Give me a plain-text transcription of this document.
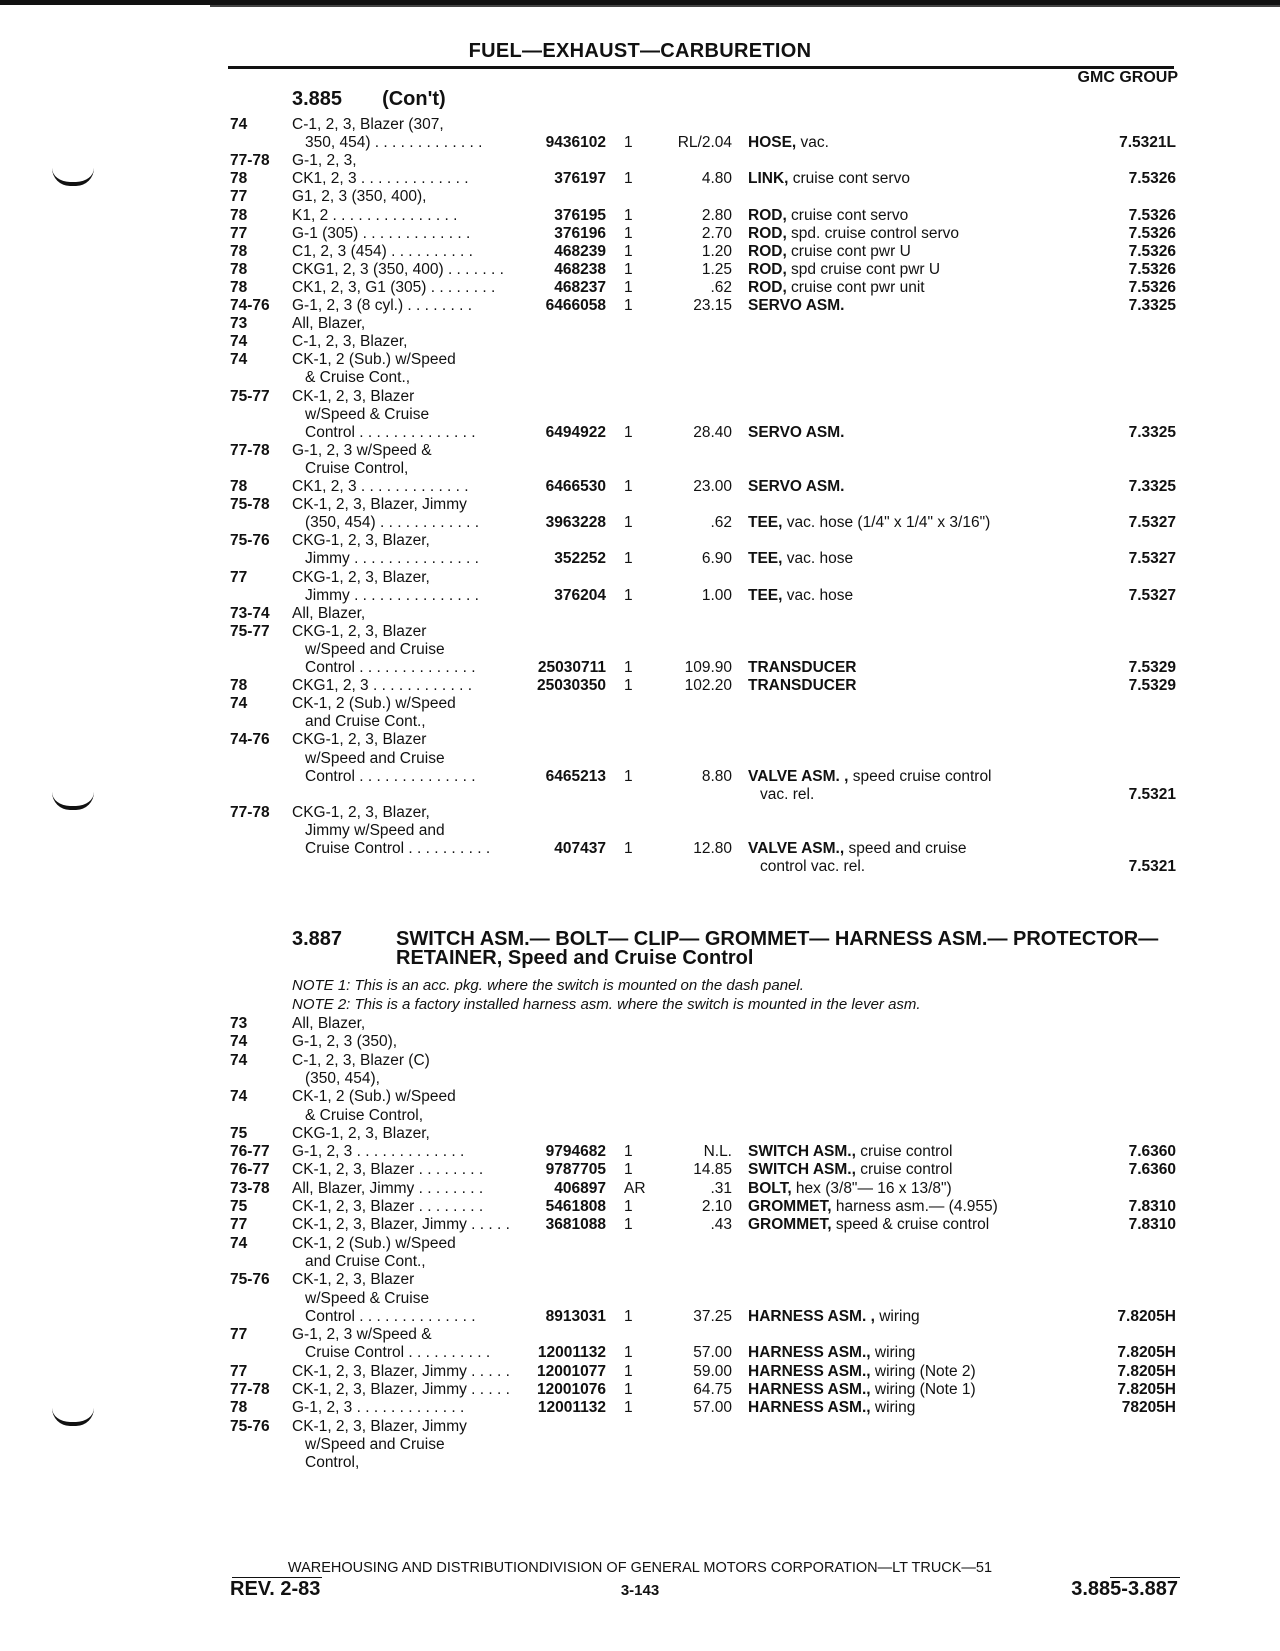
FUEL—EXHAUST—CARBURETION
GMC GROUP
3.885 (Con't)
74	C-1, 2, 3, Blazer (307,
350, 454) . . . . . . . . . . . . .	9436102 1	RL/2.04 HOSE, vac.	7.5321L
77-78 G-1, 2, 3,
78	CK1, 2, 3 . . . . . . . . . . . . .	376197 1	4.80 LINK, cruise cont servo	7.5326
77	G1, 2, 3 (350, 400),
78	K1, 2 . . . . . . . . . . . . . . .	376195 1	2.80 ROD, cruise cont servo	7.5326
77	G-1 (305) . . . . . . . . . . . . .	376196 1	2.70 ROD, spd. cruise control servo	7.5326
78	C1, 2, 3 (454) . . . . . . . . . .	468239 1	1.20 ROD, cruise cont pwr U	7.5326
78	CKG1, 2, 3 (350, 400) . . . . . . .	468238 1	1.25 ROD, spd cruise cont pwr U	7.5326
78	CK1, 2, 3, G1 (305) . . . . . . . .	468237 1	.62 ROD, cruise cont pwr unit	7.5326
74-76 G-1, 2, 3 (8 cyl.) . . . . . . . .	6466058 1	23.15 SERVO ASM.	7.3325
73	All, Blazer,
74	C-1, 2, 3, Blazer,
74	CK-1, 2 (Sub.) w/Speed
& Cruise Cont.,
75-77 CK-1, 2, 3, Blazer
w/Speed & Cruise
Control . . . . . . . . . . . . . .	6494922 1	28.40 SERVO ASM.	7.3325
77-78 G-1, 2, 3 w/Speed &
Cruise Control,
78	CK1, 2, 3 . . . . . . . . . . . . .	6466530 1	23.00 SERVO ASM.	7.3325
75-78 CK-1, 2, 3, Blazer, Jimmy
(350, 454) . . . . . . . . . . . .	3963228 1	.62 TEE, vac. hose (1/4" x 1/4" x 3/16")	7.5327
75-76 CKG-1, 2, 3, Blazer,
Jimmy . . . . . . . . . . . . . . .	352252 1	6.90 TEE, vac. hose	7.5327
77	CKG-1, 2, 3, Blazer,
Jimmy . . . . . . . . . . . . . . .	376204 1	1.00 TEE, vac. hose	7.5327
73-74 All, Blazer,
75-77 CKG-1, 2, 3, Blazer
w/Speed and Cruise
Control . . . . . . . . . . . . . .	25030711 1	109.90 TRANSDUCER	7.5329
78	CKG1, 2, 3 . . . . . . . . . . . .	25030350 1	102.20 TRANSDUCER	7.5329
74	CK-1, 2 (Sub.) w/Speed
and Cruise Cont.,
74-76 CKG-1, 2, 3, Blazer
w/Speed and Cruise
Control . . . . . . . . . . . . . .	6465213 1	8.80 VALVE ASM. , speed cruise control
vac. rel.	7.5321
77-78 CKG-1, 2, 3, Blazer,
Jimmy w/Speed and
Cruise Control . . . . . . . . . .	407437 1	12.80 VALVE ASM., speed and cruise
control vac. rel.	7.5321
3.887	SWITCH ASM.— BOLT— CLIP— GROMMET— HARNESS ASM.— PROTECTOR— RETAINER, Speed and Cruise Control
NOTE 1: This is an acc. pkg. where the switch is mounted on the dash panel.
NOTE 2: This is a factory installed harness asm. where the switch is mounted in the lever asm.
73	All, Blazer,
74	G-1, 2, 3 (350),
74	C-1, 2, 3, Blazer (C)
(350, 454),
74	CK-1, 2 (Sub.) w/Speed
& Cruise Control,
75	CKG-1, 2, 3, Blazer,
76-77 G-1, 2, 3 . . . . . . . . . . . . .	9794682 1	N.L. SWITCH ASM., cruise control	7.6360
76-77 CK-1, 2, 3, Blazer . . . . . . . .	9787705 1	14.85 SWITCH ASM., cruise control	7.6360
73-78 All, Blazer, Jimmy . . . . . . . .	406897 AR	.31 BOLT, hex (3/8"— 16 x 13/8")
75	CK-1, 2, 3, Blazer . . . . . . . .	5461808 1	2.10 GROMMET, harness asm.— (4.955)	7.8310
77	CK-1, 2, 3, Blazer, Jimmy . . . . . 3681088 1	.43 GROMMET, speed & cruise control	7.8310
74	CK-1, 2 (Sub.) w/Speed
and Cruise Cont.,
75-76 CK-1, 2, 3, Blazer
w/Speed & Cruise
Control . . . . . . . . . . . . . .	8913031 1	37.25 HARNESS ASM. , wiring	7.8205H
77	G-1, 2, 3 w/Speed &
Cruise Control . . . . . . . . . .	12001132 1	57.00 HARNESS ASM., wiring	7.8205H
77	CK-1, 2, 3, Blazer, Jimmy . . . . . 12001077 1	59.00 HARNESS ASM., wiring (Note 2)	7.8205H
77-78 CK-1, 2, 3, Blazer, Jimmy . . . . . 12001076 1	64.75 HARNESS ASM., wiring (Note 1)	7.8205H
78	G-1, 2, 3 . . . . . . . . . . . . .	12001132 1	57.00 HARNESS ASM., wiring	78205H
75-76 CK-1, 2, 3, Blazer, Jimmy
w/Speed and Cruise
Control,
WAREHOUSING AND DISTRIBUTIONDIVISION OF GENERAL MOTORS CORPORATION—LT TRUCK—51
REV. 2-83	3-143	3.885-3.887
